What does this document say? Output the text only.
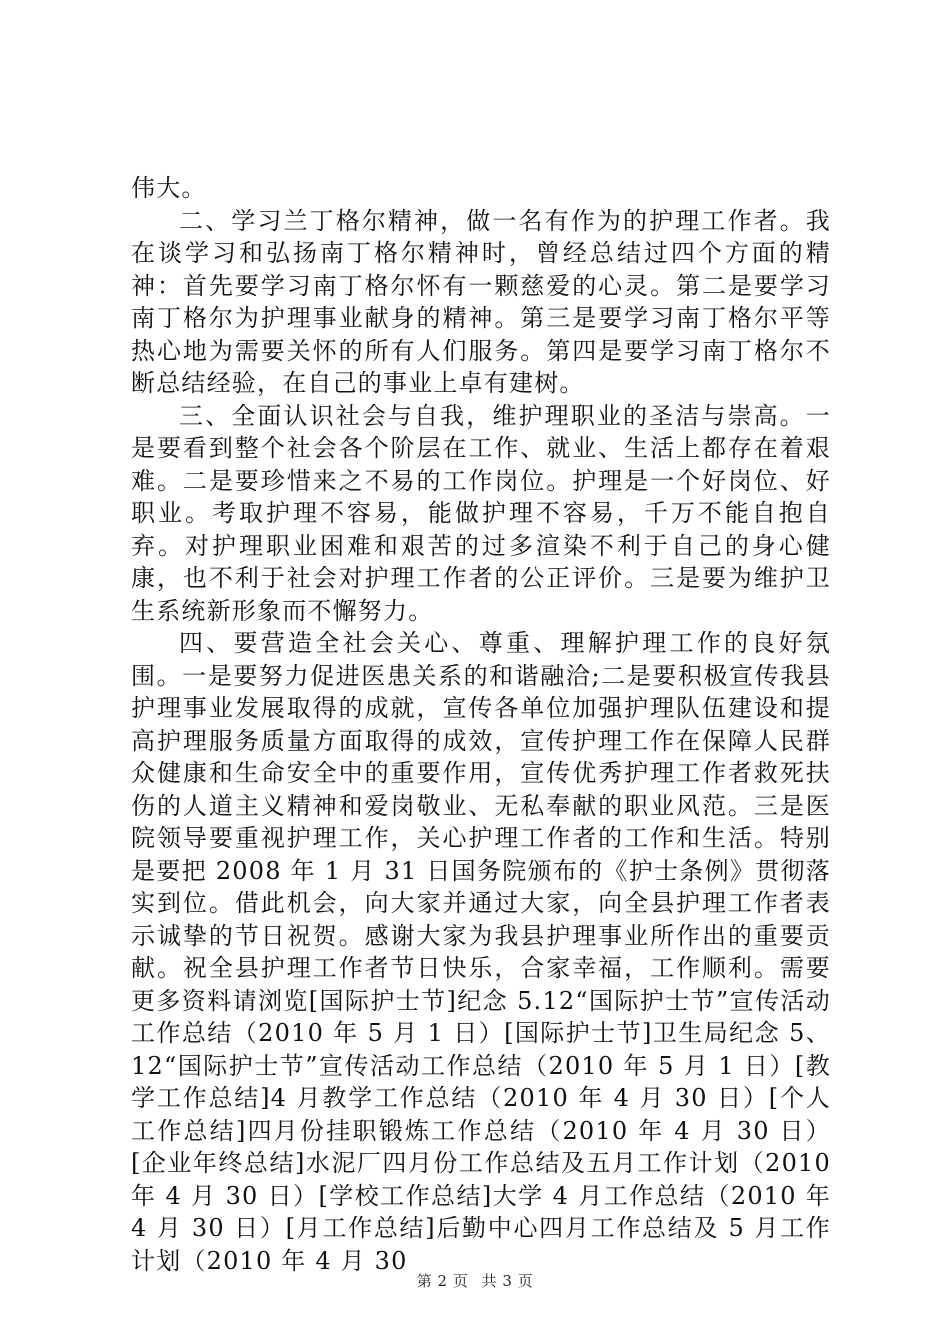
伟大。

二、学习兰丁格尔精神，做一名有作为的护理工作者。我在谈学习和弘扬南丁格尔精神时，曾经总结过四个方面的精神：首先要学习南丁格尔怀有一颗慈爱的心灵。第二是要学习南丁格尔为护理事业献身的精神。第三是要学习南丁格尔平等热心地为需要关怀的所有人们服务。第四是要学习南丁格尔不断总结经验，在自己的事业上卓有建树。

三、全面认识社会与自我，维护理职业的圣洁与崇高。一是要看到整个社会各个阶层在工作、就业、生活上都存在着艰难。二是要珍惜来之不易的工作岗位。护理是一个好岗位、好职业。考取护理不容易，能做护理不容易，千万不能自抱自弃。对护理职业困难和艰苦的过多渲染不利于自己的身心健康，也不利于社会对护理工作者的公正评价。三是要为维护卫生系统新形象而不懈努力。

四、要营造全社会关心、尊重、理解护理工作的良好氛围。一是要努力促进医患关系的和谐融洽;二是要积极宣传我县护理事业发展取得的成就，宣传各单位加强护理队伍建设和提高护理服务质量方面取得的成效，宣传护理工作在保障人民群众健康和生命安全中的重要作用，宣传优秀护理工作者救死扶伤的人道主义精神和爱岗敬业、无私奉献的职业风范。三是医院领导要重视护理工作，关心护理工作者的工作和生活。特别是要把 2008 年 1 月 31 日国务院颁布的《护士条例》贯彻落实到位。借此机会，向大家并通过大家，向全县护理工作者表示诚挚的节日祝贺。感谢大家为我县护理事业所作出的重要贡献。祝全县护理工作者节日快乐，合家幸福，工作顺利。需要更多资料请浏览[国际护士节]纪念 5.12“国际护士节”宣传活动工作总结（2010 年 5 月 1 日）[国际护士节]卫生局纪念 5、12“国际护士节”宣传活动工作总结（2010 年 5 月 1 日）[教学工作总结]4 月教学工作总结（2010 年 4 月 30 日）[个人工作总结]四月份挂职锻炼工作总结（2010 年 4 月 30 日）[企业年终总结]水泥厂四月份工作总结及五月工作计划（2010 年 4 月 30 日）[学校工作总结]大学 4 月工作总结（2010 年 4 月 30 日）[月工作总结]后勤中心四月工作总结及 5 月工作计划（2010 年 4 月 30

第 2 页 共 3 页
